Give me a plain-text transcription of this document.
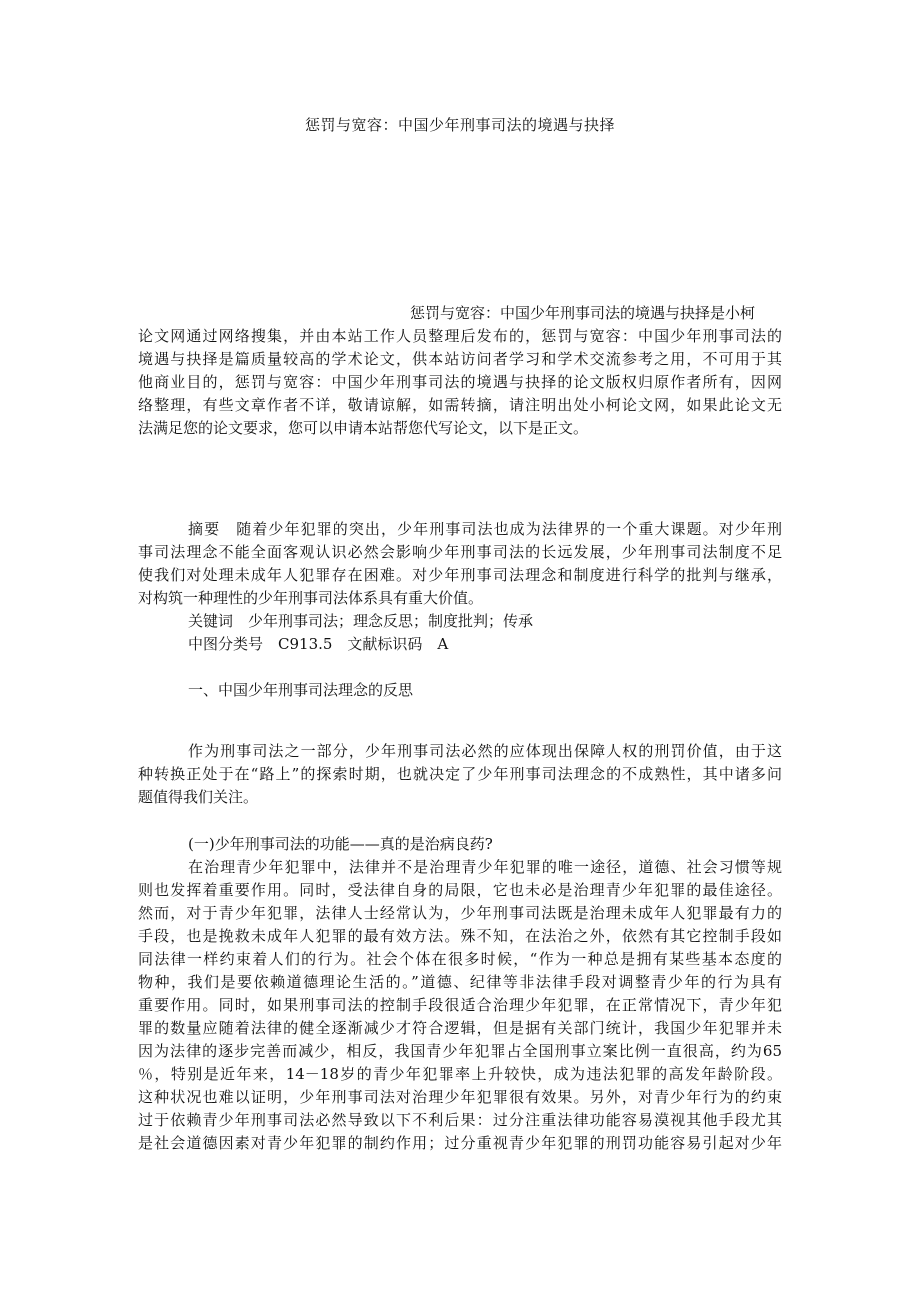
惩罚与宽容：中国少年刑事司法的境遇与抉择
惩罚与宽容：中国少年刑事司法的境遇与抉择是小柯
论文网通过网络搜集，并由本站工作人员整理后发布的，惩罚与宽容：中国少年刑事司法的
境遇与抉择是篇质量较高的学术论文，供本站访问者学习和学术交流参考之用，不可用于其
他商业目的，惩罚与宽容：中国少年刑事司法的境遇与抉择的论文版权归原作者所有，因网
络整理，有些文章作者不详，敬请谅解，如需转摘，请注明出处小柯论文网，如果此论文无
法满足您的论文要求，您可以申请本站帮您代写论文，以下是正文。
摘要　随着少年犯罪的突出，少年刑事司法也成为法律界的一个重大课题。对少年刑
事司法理念不能全面客观认识必然会影响少年刑事司法的长远发展，少年刑事司法制度不足
使我们对处理未成年人犯罪存在困难。对少年刑事司法理念和制度进行科学的批判与继承，
对构筑一种理性的少年刑事司法体系具有重大价值。
关键词　少年刑事司法；理念反思；制度批判；传承
中图分类号　C913.5　文献标识码　A
一、中国少年刑事司法理念的反思
作为刑事司法之一部分，少年刑事司法必然的应体现出保障人权的刑罚价值，由于这
种转换正处于在“路上”的探索时期，也就决定了少年刑事司法理念的不成熟性，其中诸多问
题值得我们关注。
(一)少年刑事司法的功能——真的是治病良药?
在治理青少年犯罪中，法律并不是治理青少年犯罪的唯一途径，道德、社会习惯等规
则也发挥着重要作用。同时，受法律自身的局限，它也未必是治理青少年犯罪的最佳途径。
然而，对于青少年犯罪，法律人士经常认为，少年刑事司法既是治理未成年人犯罪最有力的
手段，也是挽救未成年人犯罪的最有效方法。殊不知，在法治之外，依然有其它控制手段如
同法律一样约束着人们的行为。社会个体在很多时候，“作为一种总是拥有某些基本态度的
物种，我们是要依赖道德理论生活的。”道德、纪律等非法律手段对调整青少年的行为具有
重要作用。同时，如果刑事司法的控制手段很适合治理少年犯罪，在正常情况下，青少年犯
罪的数量应随着法律的健全逐渐减少才符合逻辑，但是据有关部门统计，我国少年犯罪并未
因为法律的逐步完善而减少，相反，我国青少年犯罪占全国刑事立案比例一直很高，约为65
％，特别是近年来，14－18岁的青少年犯罪率上升较快，成为违法犯罪的高发年龄阶段。
这种状况也难以证明，少年刑事司法对治理少年犯罪很有效果。另外，对青少年行为的约束
过于依赖青少年刑事司法必然导致以下不利后果：过分注重法律功能容易漠视其他手段尤其
是社会道德因素对青少年犯罪的制约作用；过分重视青少年犯罪的刑罚功能容易引起对少年
